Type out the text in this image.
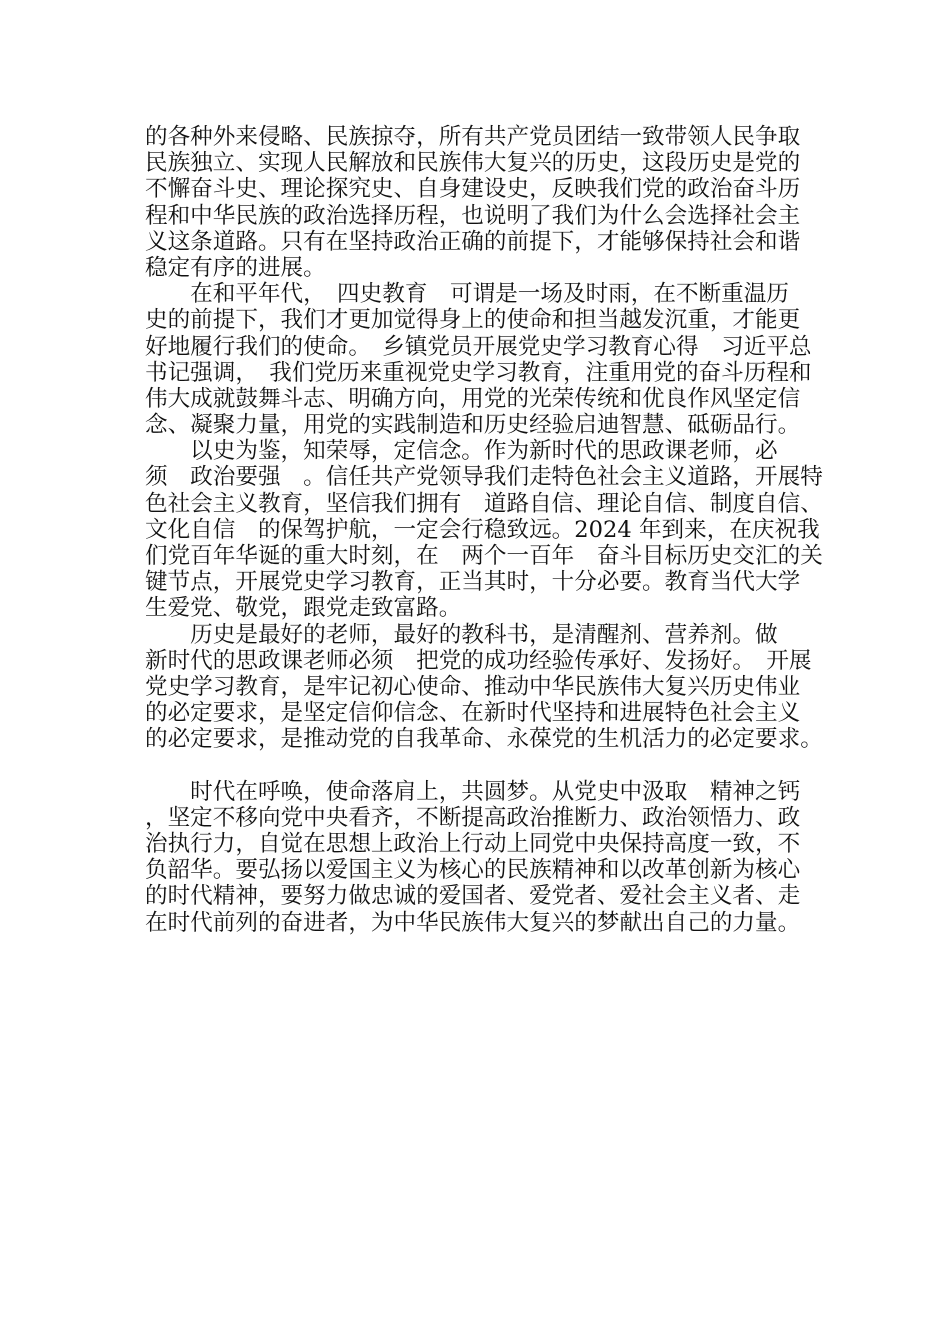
的各种外来侵略、民族掠夺，所有共产党员团结一致带领人民争取
民族独立、实现人民解放和民族伟大复兴的历史，这段历史是党的
不懈奋斗史、理论探究史、自身建设史，反映我们党的政治奋斗历
程和中华民族的政治选择历程，也说明了我们为什么会选择社会主
义这条道路。只有在坚持政治正确的前提下，才能够保持社会和谐
稳定有序的进展。
　　在和平年代，　四史教育　可谓是一场及时雨，在不断重温历
史的前提下，我们才更加觉得身上的使命和担当越发沉重，才能更
好地履行我们的使命。　乡镇党员开展党史学习教育心得　习近平总
书记强调，　我们党历来重视党史学习教育，注重用党的奋斗历程和
伟大成就鼓舞斗志、明确方向，用党的光荣传统和优良作风坚定信
念、凝聚力量，用党的实践制造和历史经验启迪智慧、砥砺品行。
　　以史为鉴，知荣辱，定信念。作为新时代的思政课老师，必
须　政治要强　。信任共产党领导我们走特色社会主义道路，开展特
色社会主义教育，坚信我们拥有　道路自信、理论自信、制度自信、
文化自信　的保驾护航，一定会行稳致远。2024 年到来，在庆祝我
们党百年华诞的重大时刻，在　两个一百年　奋斗目标历史交汇的关
键节点，开展党史学习教育，正当其时，十分必要。教育当代大学
生爱党、敬党，跟党走致富路。
　　历史是最好的老师，最好的教科书，是清醒剂、营养剂。做
新时代的思政课老师必须　把党的成功经验传承好、发扬好。　开展
党史学习教育，是牢记初心使命、推动中华民族伟大复兴历史伟业
的必定要求，是坚定信仰信念、在新时代坚持和进展特色社会主义
的必定要求，是推动党的自我革命、永葆党的生机活力的必定要求。
　　时代在呼唤，使命落肩上，共圆梦。从党史中汲取　精神之钙
，坚定不移向党中央看齐，不断提高政治推断力、政治领悟力、政
治执行力，自觉在思想上政治上行动上同党中央保持高度一致，不
负韶华。要弘扬以爱国主义为核心的民族精神和以改革创新为核心
的时代精神，要努力做忠诚的爱国者、爱党者、爱社会主义者、走
在时代前列的奋进者，为中华民族伟大复兴的梦献出自己的力量。
